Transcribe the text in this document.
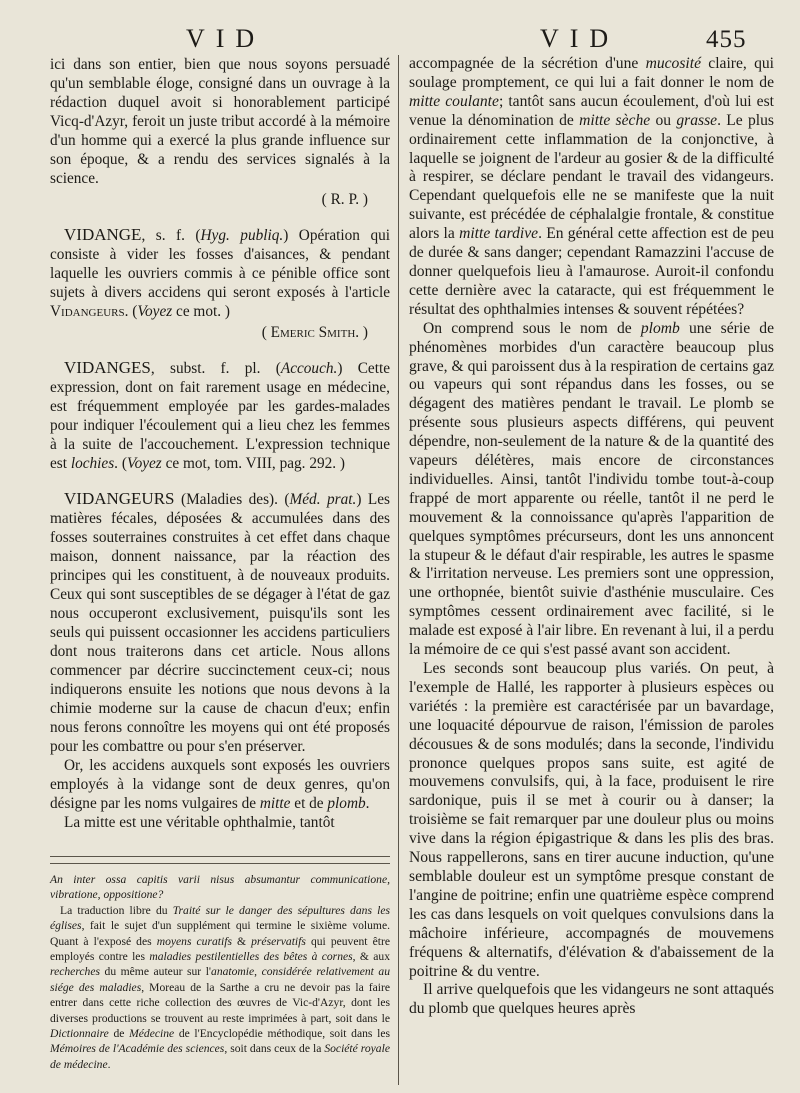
VID	VID	455

ici dans son entier, bien que nous soyons persuadé qu'un semblable éloge, consigné dans un ouvrage à la rédaction duquel avoit si honorablement participé Vicq-d'Azyr, feroit un juste tribut accordé à la mémoire d'un homme qui a exercé la plus grande influence sur son époque, & a rendu des services signalés à la science.

( R. P. )

VIDANGE, s. f. (Hyg. publiq.) Opération qui consiste à vider les fosses d'aisances, & pendant laquelle les ouvriers commis à ce pénible office sont sujets à divers accidens qui seront exposés à l'article Vidangeurs. (Voyez ce mot. )

( Emeric Smith. )

VIDANGES, subst. f. pl. (Accouch.) Cette expression, dont on fait rarement usage en médecine, est fréquemment employée par les gardes-malades pour indiquer l'écoulement qui a lieu chez les femmes à la suite de l'accouchement. L'expression technique est lochies. (Voyez ce mot, tom. VIII, pag. 292. )

VIDANGEURS (Maladies des). (Méd. prat.) Les matières fécales, déposées & accumulées dans des fosses souterraines construites à cet effet dans chaque maison, donnent naissance, par la réaction des principes qui les constituent, à de nouveaux produits. Ceux qui sont susceptibles de se dégager à l'état de gaz nous occuperont exclusivement, puisqu'ils sont les seuls qui puissent occasionner les accidens particuliers dont nous traiterons dans cet article. Nous allons commencer par décrire succinctement ceux-ci; nous indiquerons ensuite les notions que nous devons à la chimie moderne sur la cause de chacun d'eux; enfin nous ferons connoître les moyens qui ont été proposés pour les combattre ou pour s'en préserver.

Or, les accidens auxquels sont exposés les ouvriers employés à la vidange sont de deux genres, qu'on désigne par les noms vulgaires de mitte et de plomb.

La mitte est une véritable ophthalmie, tantôt

An inter ossa capitis varii nisus absumantur communicatione, vibratione, oppositione?

La traduction libre du Traité sur le danger des sépultures dans les églises, fait le sujet d'un supplément qui termine le sixième volume. Quant à l'exposé des moyens curatifs & préservatifs qui peuvent être employés contre les maladies pestilentielles des bêtes à cornes, & aux recherches du même auteur sur l'anatomie, considérée relativement au siége des maladies, Moreau de la Sarthe a cru ne devoir pas la faire entrer dans cette riche collection des œuvres de Vic-d'Azyr, dont les diverses productions se trouvent au reste imprimées à part, soit dans le Dictionnaire de Médecine de l'Encyclopédie méthodique, soit dans les Mémoires de l'Académie des sciences, soit dans ceux de la Société royale de médecine.

accompagnée de la sécrétion d'une mucosité claire, qui soulage promptement, ce qui lui a fait donner le nom de mitte coulante; tantôt sans aucun écoulement, d'où lui est venue la dénomination de mitte sèche ou grasse. Le plus ordinairement cette inflammation de la conjonctive, à laquelle se joignent de l'ardeur au gosier & de la difficulté à respirer, se déclare pendant le travail des vidangeurs. Cependant quelquefois elle ne se manifeste que la nuit suivante, est précédée de céphalalgie frontale, & constitue alors la mitte tardive. En général cette affection est de peu de durée & sans danger; cependant Ramazzini l'accuse de donner quelquefois lieu à l'amaurose. Auroit-il confondu cette dernière avec la cataracte, qui est fréquemment le résultat des ophthalmies intenses & souvent répétées?

On comprend sous le nom de plomb une série de phénomènes morbides d'un caractère beaucoup plus grave, & qui paroissent dus à la respiration de certains gaz ou vapeurs qui sont répandus dans les fosses, ou se dégagent des matières pendant le travail. Le plomb se présente sous plusieurs aspects différens, qui peuvent dépendre, non-seulement de la nature & de la quantité des vapeurs délétères, mais encore de circonstances individuelles. Ainsi, tantôt l'individu tombe tout-à-coup frappé de mort apparente ou réelle, tantôt il ne perd le mouvement & la connoissance qu'après l'apparition de quelques symptômes précurseurs, dont les uns annoncent la stupeur & le défaut d'air respirable, les autres le spasme & l'irritation nerveuse. Les premiers sont une oppression, une orthopnée, bientôt suivie d'asthénie musculaire. Ces symptômes cessent ordinairement avec facilité, si le malade est exposé à l'air libre. En revenant à lui, il a perdu la mémoire de ce qui s'est passé avant son accident.

Les seconds sont beaucoup plus variés. On peut, à l'exemple de Hallé, les rapporter à plusieurs espèces ou variétés : la première est caractérisée par un bavardage, une loquacité dépourvue de raison, l'émission de paroles décousues & de sons modulés; dans la seconde, l'individu prononce quelques propos sans suite, est agité de mouvemens convulsifs, qui, à la face, produisent le rire sardonique, puis il se met à courir ou à danser; la troisième se fait remarquer par une douleur plus ou moins vive dans la région épigastrique & dans les plis des bras. Nous rappellerons, sans en tirer aucune induction, qu'une semblable douleur est un symptôme presque constant de l'angine de poitrine; enfin une quatrième espèce comprend les cas dans lesquels on voit quelques convulsions dans la mâchoire inférieure, accompagnés de mouvemens fréquens & alternatifs, d'élévation & d'abaissement de la poitrine & du ventre.

Il arrive quelquefois que les vidangeurs ne sont attaqués du plomb que quelques heures après
